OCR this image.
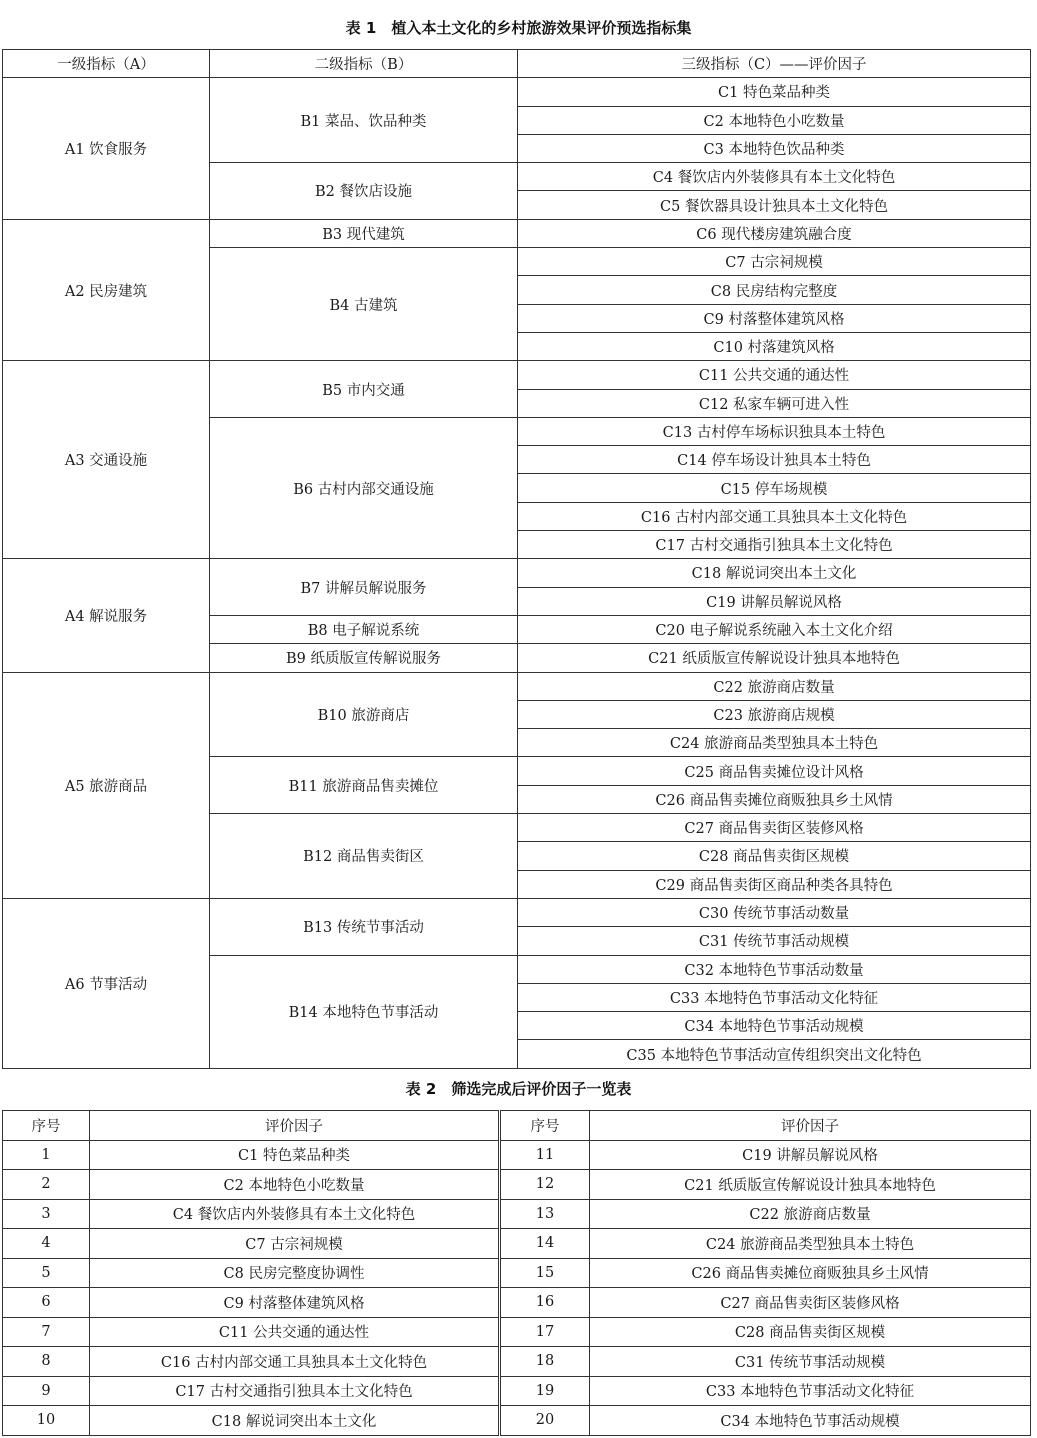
表 1　植入本土文化的乡村旅游效果评价预选指标集
一级指标（A）	二级指标（B）	三级指标（C）——评价因子
A1 饮食服务	B1 菜品、饮品种类	C1 特色菜品种类
		C2 本地特色小吃数量
		C3 本地特色饮品种类
	B2 餐饮店设施	C4 餐饮店内外装修具有本土文化特色
		C5 餐饮器具设计独具本土文化特色
A2 民房建筑	B3 现代建筑	C6 现代楼房建筑融合度
	B4 古建筑	C7 古宗祠规模
		C8 民房结构完整度
		C9 村落整体建筑风格
		C10 村落建筑风格
A3 交通设施	B5 市内交通	C11 公共交通的通达性
		C12 私家车辆可进入性
	B6 古村内部交通设施	C13 古村停车场标识独具本土特色
		C14 停车场设计独具本土特色
		C15 停车场规模
		C16 古村内部交通工具独具本土文化特色
		C17 古村交通指引独具本土文化特色
A4 解说服务	B7 讲解员解说服务	C18 解说词突出本土文化
		C19 讲解员解说风格
	B8 电子解说系统	C20 电子解说系统融入本土文化介绍
	B9 纸质版宣传解说服务	C21 纸质版宣传解说设计独具本地特色
A5 旅游商品	B10 旅游商店	C22 旅游商店数量
		C23 旅游商店规模
		C24 旅游商品类型独具本土特色
	B11 旅游商品售卖摊位	C25 商品售卖摊位设计风格
		C26 商品售卖摊位商贩独具乡土风情
	B12 商品售卖街区	C27 商品售卖街区装修风格
		C28 商品售卖街区规模
		C29 商品售卖街区商品种类各具特色
A6 节事活动	B13 传统节事活动	C30 传统节事活动数量
		C31 传统节事活动规模
	B14 本地特色节事活动	C32 本地特色节事活动数量
		C33 本地特色节事活动文化特征
		C34 本地特色节事活动规模
		C35 本地特色节事活动宣传组织突出文化特色
表 2　筛选完成后评价因子一览表
序号	评价因子	序号	评价因子
1	C1 特色菜品种类	11	C19 讲解员解说风格
2	C2 本地特色小吃数量	12	C21 纸质版宣传解说设计独具本地特色
3	C4 餐饮店内外装修具有本土文化特色	13	C22 旅游商店数量
4	C7 古宗祠规模	14	C24 旅游商品类型独具本土特色
5	C8 民房完整度协调性	15	C26 商品售卖摊位商贩独具乡土风情
6	C9 村落整体建筑风格	16	C27 商品售卖街区装修风格
7	C11 公共交通的通达性	17	C28 商品售卖街区规模
8	C16 古村内部交通工具独具本土文化特色	18	C31 传统节事活动规模
9	C17 古村交通指引独具本土文化特色	19	C33 本地特色节事活动文化特征
10	C18 解说词突出本土文化	20	C34 本地特色节事活动规模
